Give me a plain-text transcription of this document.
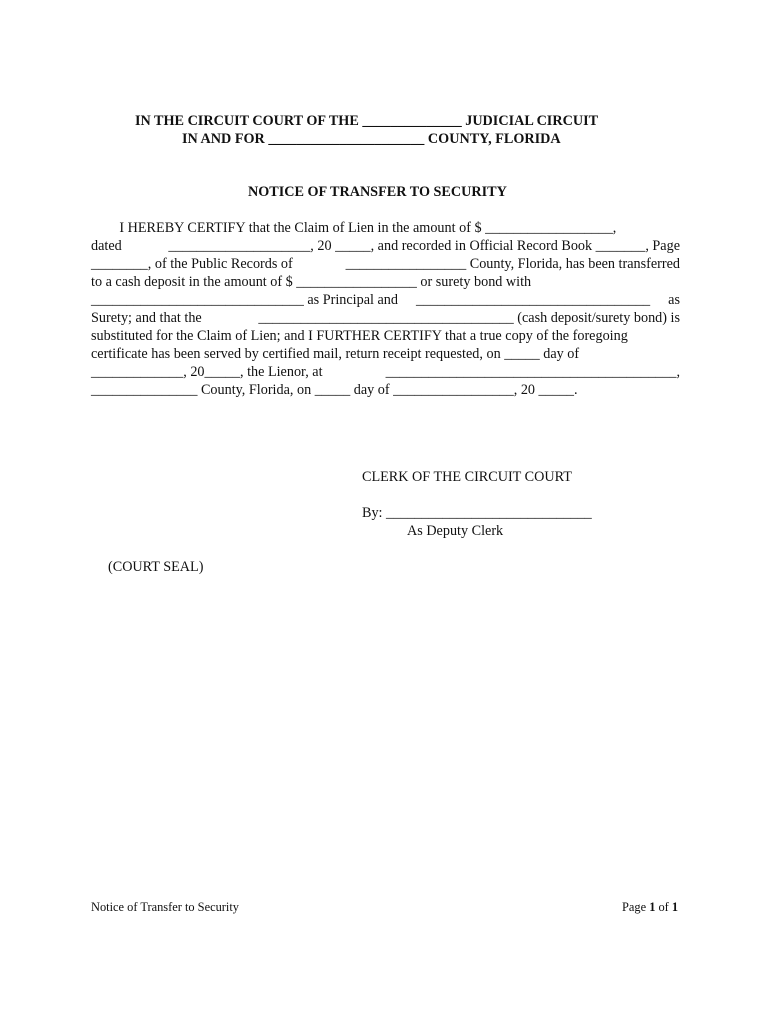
IN THE CIRCUIT COURT OF THE ______________ JUDICIAL CIRCUIT
IN AND FOR ______________________ COUNTY, FLORIDA
NOTICE OF TRANSFER TO SECURITY
I HEREBY CERTIFY that the Claim of Lien in the amount of $ __________________,
dated	____________________, 20 _____, and recorded in Official Record Book _______, Page
________, of the Public Records of	_________________ County, Florida, has been transferred
to a cash deposit in the amount of $ _________________ or surety bond with
______________________________ as Principal and _________________________________ as
Surety; and that the	____________________________________ (cash deposit/surety bond) is
substituted for the Claim of Lien; and I FURTHER CERTIFY that a true copy of the foregoing
certificate has been served by certified mail, return receipt requested, on _____ day of
_____________, 20_____, the Lienor, at	_________________________________________,
_______________ County, Florida, on _____ day of _________________, 20 _____.
CLERK OF THE CIRCUIT COURT
By: _____________________________
As Deputy Clerk
(COURT SEAL)
Notice of Transfer to Security	Page 1 of 1
